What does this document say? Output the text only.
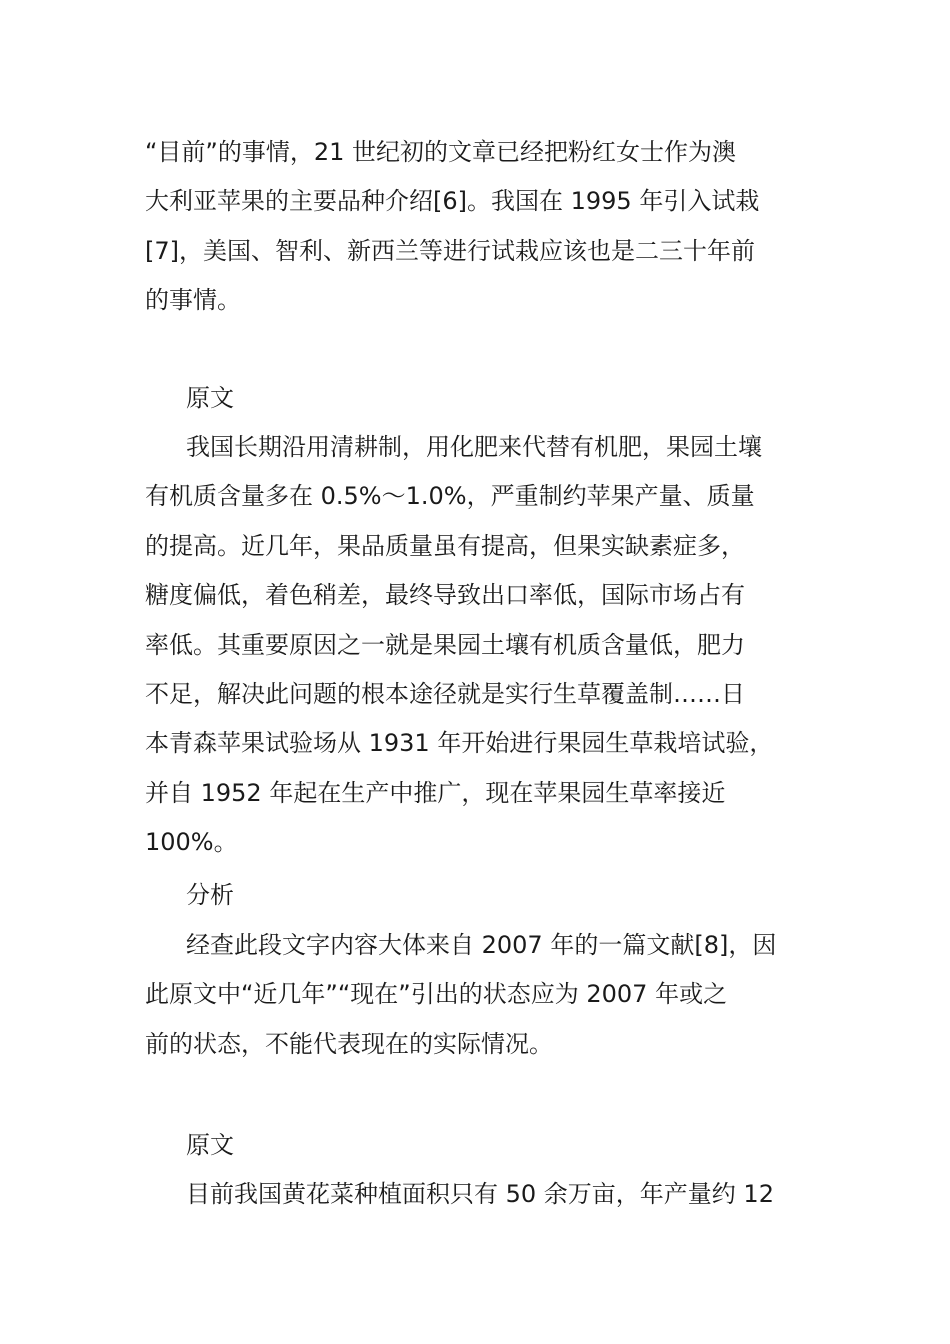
“目前”的事情，21 世纪初的文章已经把粉红女士作为澳
大利亚苹果的主要品种介绍[6]。我国在 1995 年引入试栽
[7]，美国、智利、新西兰等进行试栽应该也是二三十年前
的事情。
原文
我国长期沿用清耕制，用化肥来代替有机肥，果园土壤
有机质含量多在 0.5%～1.0%，严重制约苹果产量、质量
的提高。近几年，果品质量虽有提高，但果实缺素症多，
糖度偏低，着色稍差，最终导致出口率低，国际市场占有
率低。其重要原因之一就是果园土壤有机质含量低，肥力
不足，解决此问题的根本途径就是实行生草覆盖制……日
本青森苹果试验场从 1931 年开始进行果园生草栽培试验，
并自 1952 年起在生产中推广，现在苹果园生草率接近
100%。
分析
经查此段文字内容大体来自 2007 年的一篇文献[8]，因
此原文中“近几年”“现在”引出的状态应为 2007 年或之
前的状态，不能代表现在的实际情况。
原文
目前我国黄花菜种植面积只有 50 余万亩，年产量约 12
